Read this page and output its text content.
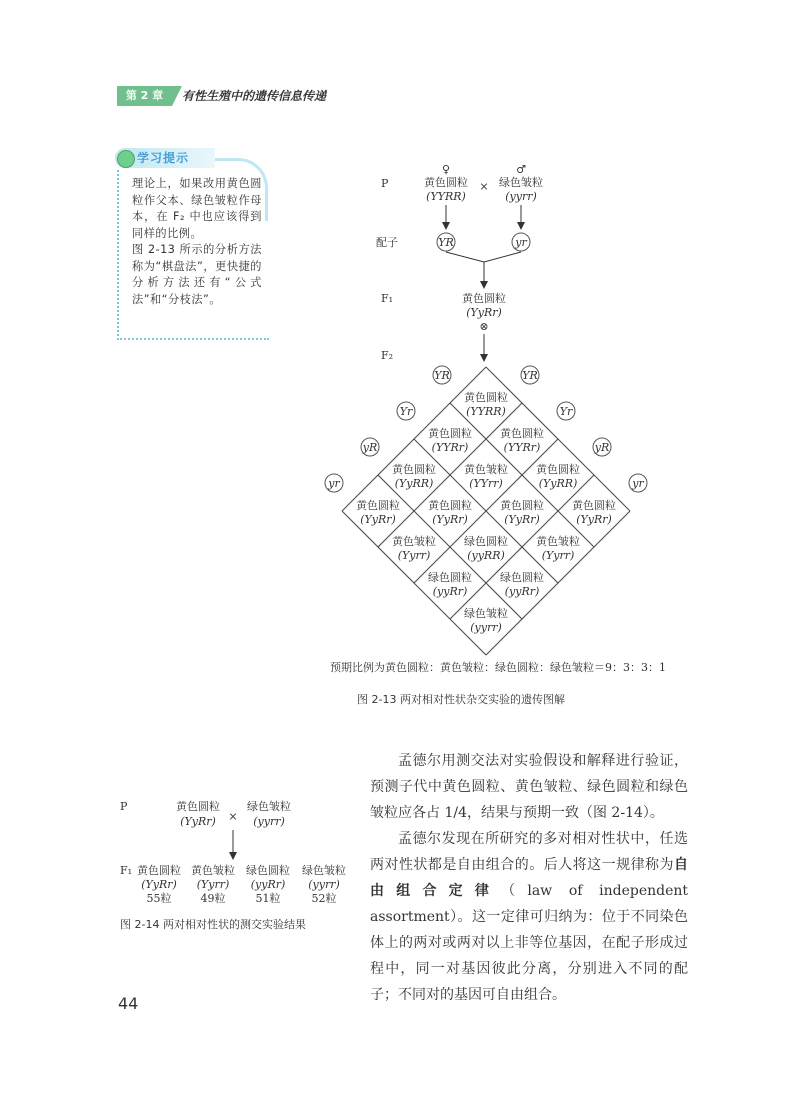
第 2 章	有性生殖中的遗传信息传递
学习提示

理论上，如果改用黄色圆粒作父本、绿色皱粒作母本，在 F₂ 中也应该得到同样的比例。

图 2-13 所示的分析方法称为“棋盘法”，更快捷的分析方法还有“公式法”和“分枝法”。

P
配子
F₁
F₂
♀	♂
黄色圆粒
(YYRR)
× 绿色皱粒
(yyrr)
YR	yr
黄色圆粒
(YyRr)
⊗
黄色圆粒
(YYRR)
黄色圆粒
(YYRr)
黄色圆粒
(YyRR)
黄色圆粒
(YyRr)
黄色圆粒
(YYRr)
黄色皱粒
(YYrr)
黄色圆粒
(YyRr)
黄色皱粒
(Yyrr)
黄色圆粒
(YyRR)
黄色圆粒
(YyRr)
绿色圆粒
(yyRR)
绿色圆粒
(yyRr)
黄色圆粒
(YyRr)
黄色皱粒
(Yyrr)
绿色圆粒
(yyRr)
绿色皱粒
(yyrr)
YR	YR
Yr	Yr
yR	yR
yr	yr
P	黄色圆粒
(YyRr) ×
绿色皱粒
(yyrr)
F₁ 黄色圆粒
(YyRr)
55粒
黄色皱粒
(Yyrr)
49粒
绿色圆粒
(yyRr)
51粒
绿色皱粒
(yyrr)
52粒
预期比例为黄色圆粒：黄色皱粒：绿色圆粒：绿色皱粒＝9：3：3：1
图 2-13 两对相对性状杂交实验的遗传图解
图 2-14 两对相对性状的测交实验结果

孟德尔用测交法对实验假设和解释进行验证，预测子代中黄色圆粒、黄色皱粒、绿色圆粒和绿色皱粒应各占 1/4，结果与预期一致（图 2-14）。

孟德尔发现在所研究的多对相对性状中，任选两对性状都是自由组合的。后人将这一规律称为自由组合定律（law of independent assortment）。这一定律可归纳为：位于不同染色体上的两对或两对以上非等位基因，在配子形成过程中，同一对基因彼此分离，分别进入不同的配子；不同对的基因可自由组合。

44
